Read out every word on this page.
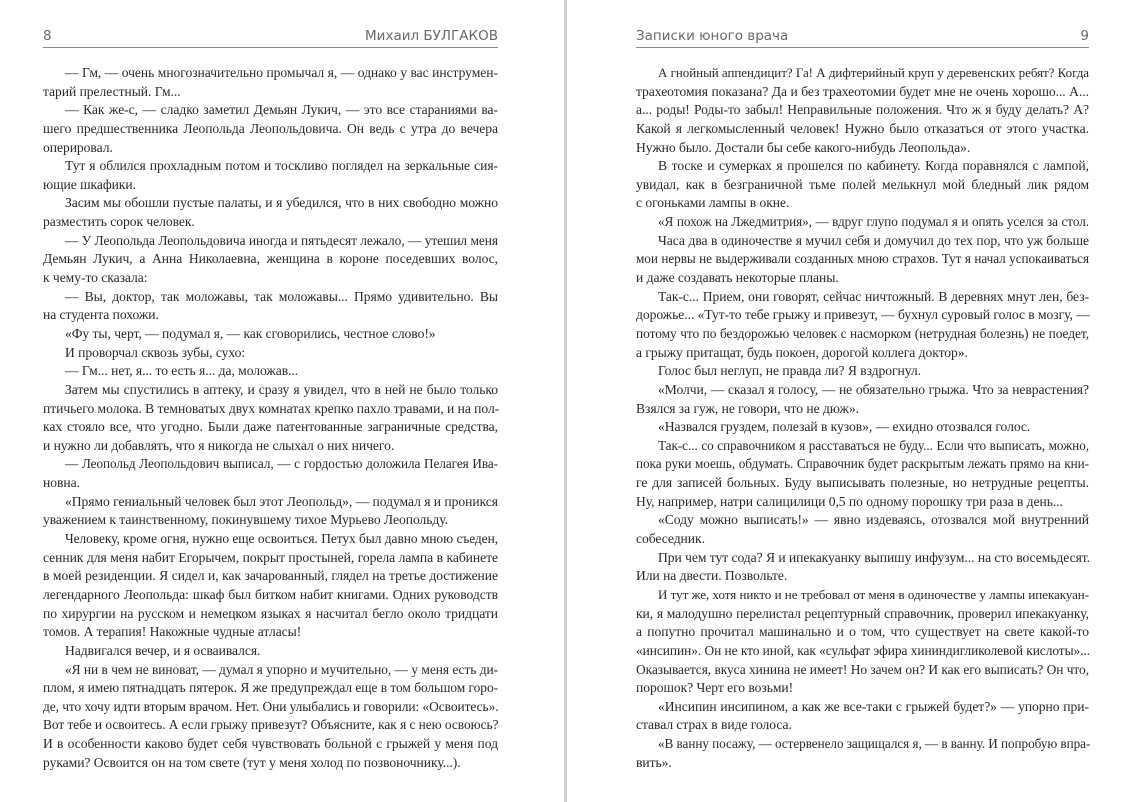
8	Михаил БУЛГАКОВ
— Гм, — очень многозначительно промычал я, — однако у вас инструмен-
тарий прелестный. Гм...
— Как же-с, — сладко заметил Демьян Лукич, — это все стараниями ва-
шего предшественника Леопольда Леопольдовича. Он ведь с утра до вечера
оперировал.
Тут я облился прохладным потом и тоскливо поглядел на зеркальные сия-
ющие шкафики.
Засим мы обошли пустые палаты, и я убедился, что в них свободно можно
разместить сорок человек.
— У Леопольда Леопольдовича иногда и пятьдесят лежало, — утешил меня
Демьян Лукич, а Анна Николаевна, женщина в короне поседевших волос,
к чему-то сказала:
— Вы, доктор, так моложавы, так моложавы... Прямо удивительно. Вы
на студента похожи.
«Фу ты, черт, — подумал я, — как сговорились, честное слово!»
И проворчал сквозь зубы, сухо:
— Гм... нет, я... то есть я... да, моложав...
Затем мы спустились в аптеку, и сразу я увидел, что в ней не было только
птичьего молока. В темноватых двух комнатах крепко пахло травами, и на пол-
ках стояло все, что угодно. Были даже патентованные заграничные средства,
и нужно ли добавлять, что я никогда не слыхал о них ничего.
— Леопольд Леопольдович выписал, — с гордостью доложила Пелагея Ива-
новна.
«Прямо гениальный человек был этот Леопольд», — подумал я и проникся
уважением к таинственному, покинувшему тихое Мурьево Леопольду.
Человеку, кроме огня, нужно еще освоиться. Петух был давно мною съеден,
сенник для меня набит Егорычем, покрыт простыней, горела лампа в кабинете
в моей резиденции. Я сидел и, как зачарованный, глядел на третье достижение
легендарного Леопольда: шкаф был битком набит книгами. Одних руководств
по хирургии на русском и немецком языках я насчитал бегло около тридцати
томов. А терапия! Накожные чудные атласы!
Надвигался вечер, и я осваивался.
«Я ни в чем не виноват, — думал я упорно и мучительно, — у меня есть ди-
плом, я имею пятнадцать пятерок. Я же предупреждал еще в том большом горо-
де, что хочу идти вторым врачом. Нет. Они улыбались и говорили: «Освоитесь».
Вот тебе и освоитесь. А если грыжу привезут? Объясните, как я с нею освоюсь?
И в особенности каково будет себя чувствовать больной с грыжей у меня под
руками? Освоится он на том свете (тут у меня холод по позвоночнику...).
Записки юного врача	9
А гнойный аппендицит? Га! А дифтерийный круп у деревенских ребят? Когда
трахеотомия показана? Да и без трахеотомии будет мне не очень хорошо... А...
а... роды! Роды-то забыл! Неправильные положения. Что ж я буду делать? А?
Какой я легкомысленный человек! Нужно было отказаться от этого участка.
Нужно было. Достали бы себе какого-нибудь Леопольда».
В тоске и сумерках я прошелся по кабинету. Когда поравнялся с лампой,
увидал, как в безграничной тьме полей мелькнул мой бледный лик рядом
с огоньками лампы в окне.
«Я похож на Лжедмитрия», — вдруг глупо подумал я и опять уселся за стол.
Часа два в одиночестве я мучил себя и домучил до тех пор, что уж больше
мои нервы не выдерживали созданных мною страхов. Тут я начал успокаиваться
и даже создавать некоторые планы.
Так-с... Прием, они говорят, сейчас ничтожный. В деревнях мнут лен, без-
дорожье... «Тут-то тебе грыжу и привезут, — бухнул суровый голос в мозгу, —
потому что по бездорожью человек с насморком (нетрудная болезнь) не поедет,
а грыжу притащат, будь покоен, дорогой коллега доктор».
Голос был неглуп, не правда ли? Я вздрогнул.
«Молчи, — сказал я голосу, — не обязательно грыжа. Что за неврастения?
Взялся за гуж, не говори, что не дюж».
«Назвался груздем, полезай в кузов», — ехидно отозвался голос.
Так-с... со справочником я расставаться не буду... Если что выписать, можно,
пока руки моешь, обдумать. Справочник будет раскрытым лежать прямо на кни-
ге для записей больных. Буду выписывать полезные, но нетрудные рецепты.
Ну, например, натри салицилици 0,5 по одному порошку три раза в день...
«Соду можно выписать!» — явно издеваясь, отозвался мой внутренний
собеседник.
При чем тут сода? Я и ипекакуанку выпишу инфузум... на сто восемьдесят.
Или на двести. Позвольте.
И тут же, хотя никто и не требовал от меня в одиночестве у лампы ипекакуан-
ки, я малодушно перелистал рецептурный справочник, проверил ипекакуанку,
а попутно прочитал машинально и о том, что существует на свете какой-то
«инсипин». Он не кто иной, как «сульфат эфира хининдигликолевой кислоты»...
Оказывается, вкуса хинина не имеет! Но зачем он? И как его выписать? Он что,
порошок? Черт его возьми!
«Инсипин инсипином, а как же все-таки с грыжей будет?» — упорно при-
ставал страх в виде голоса.
«В ванну посажу, — остервенело защищался я, — в ванну. И попробую впра-
вить».
